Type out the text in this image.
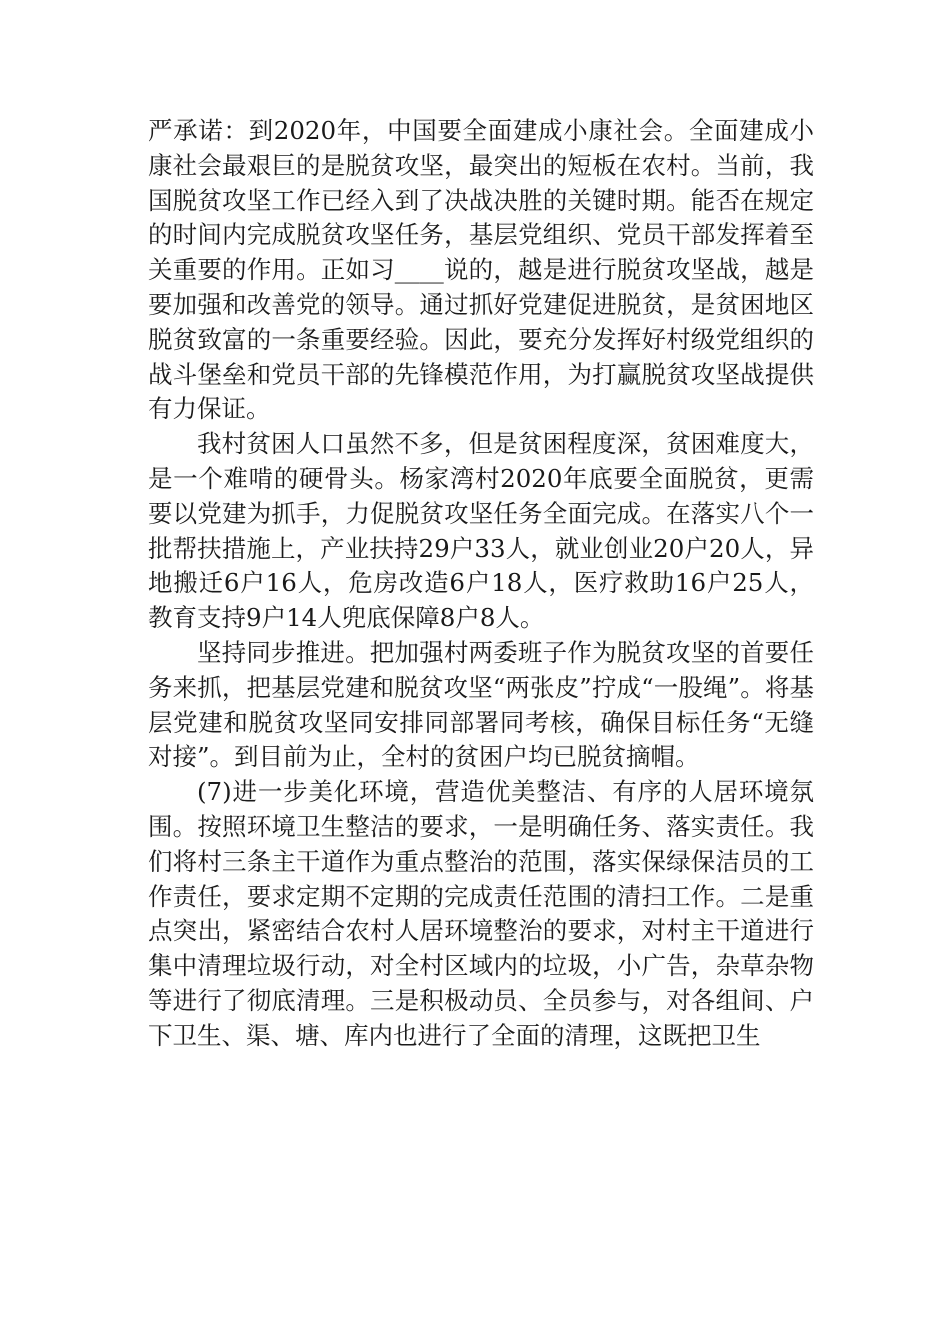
严承诺：到2020年，中国要全面建成小康社会。全面建成小康社会最艰巨的是脱贫攻坚，最突出的短板在农村。当前，我国脱贫攻坚工作已经入到了决战决胜的关键时期。能否在规定的时间内完成脱贫攻坚任务，基层党组织、党员干部发挥着至关重要的作用。正如习____说的，越是进行脱贫攻坚战，越是要加强和改善党的领导。通过抓好党建促进脱贫，是贫困地区脱贫致富的一条重要经验。因此，要充分发挥好村级党组织的战斗堡垒和党员干部的先锋模范作用，为打赢脱贫攻坚战提供有力保证。

我村贫困人口虽然不多，但是贫困程度深，贫困难度大，是一个难啃的硬骨头。杨家湾村2020年底要全面脱贫，更需要以党建为抓手，力促脱贫攻坚任务全面完成。在落实八个一批帮扶措施上，产业扶持29户33人，就业创业20户20人，异地搬迁6户16人，危房改造6户18人，医疗救助16户25人，教育支持9户14人兜底保障8户8人。

坚持同步推进。把加强村两委班子作为脱贫攻坚的首要任务来抓，把基层党建和脱贫攻坚“两张皮”拧成“一股绳”。将基层党建和脱贫攻坚同安排同部署同考核，确保目标任务“无缝对接”。到目前为止，全村的贫困户均已脱贫摘帽。

(7)进一步美化环境，营造优美整洁、有序的人居环境氛围。按照环境卫生整洁的要求，一是明确任务、落实责任。我们将村三条主干道作为重点整治的范围，落实保绿保洁员的工作责任，要求定期不定期的完成责任范围的清扫工作。二是重点突出，紧密结合农村人居环境整治的要求，对村主干道进行集中清理垃圾行动，对全村区域内的垃圾，小广告，杂草杂物等进行了彻底清理。三是积极动员、全员参与，对各组间、户下卫生、渠、塘、库内也进行了全面的清理，这既把卫生
